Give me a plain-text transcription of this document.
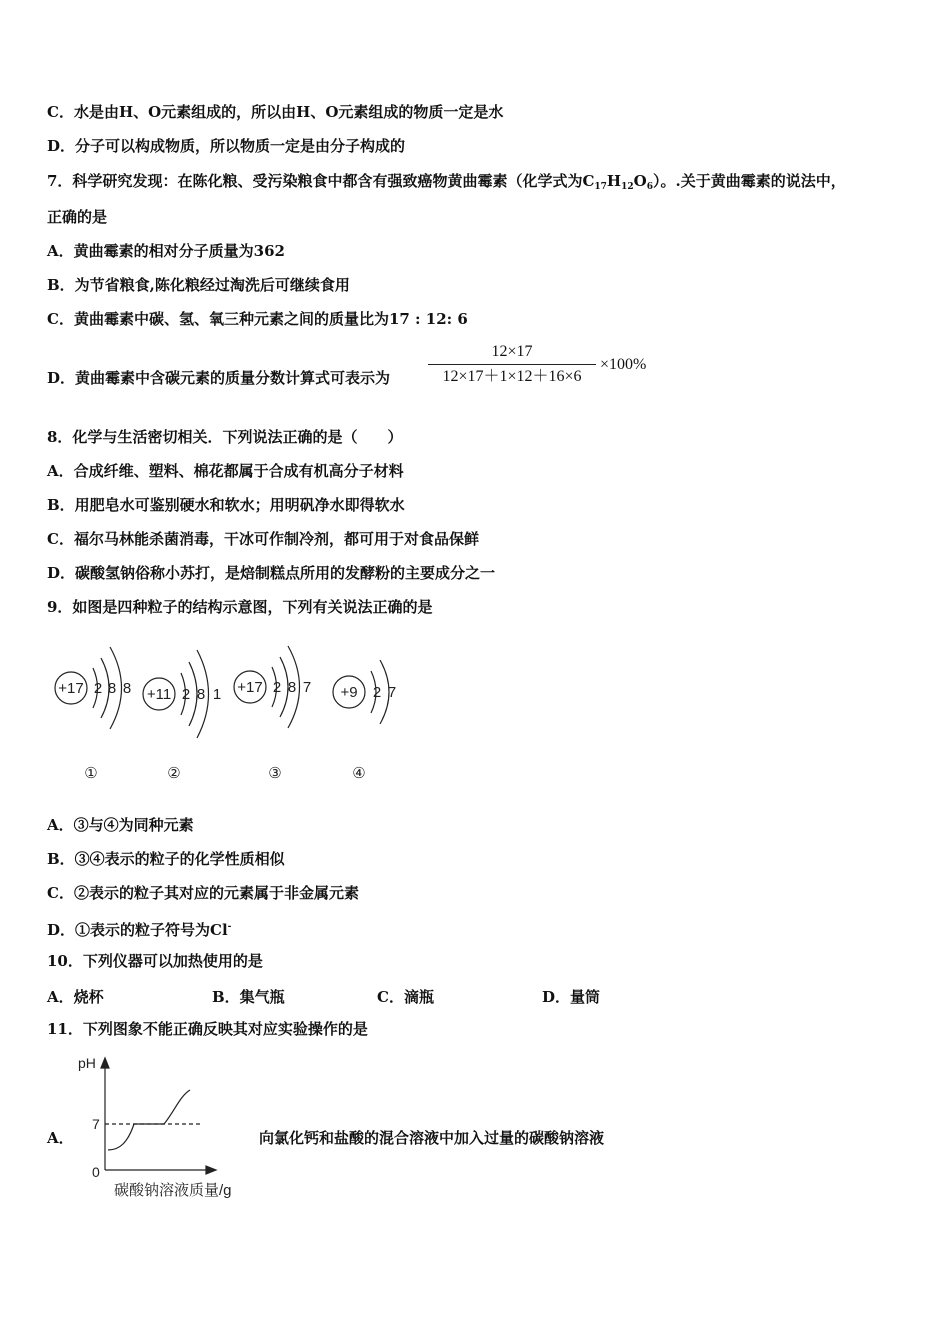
C．水是由H、O元素组成的，所以由H、O元素组成的物质一定是水
D．分子可以构成物质，所以物质一定是由分子构成的
7．科学研究发现：在陈化粮、受污染粮食中都含有强致癌物黄曲霉素（化学式为$C_{17}H_{12}O_6$）。.关于黄曲霉素的说法中，
正确的是
A．黄曲霉素的相对分子质量为362
B．为节省粮食,陈化粮经过淘洗后可继续食用
C．黄曲霉素中碳、氢、氧三种元素之间的质量比为17 : 12: 6
D．黄曲霉素中含碳元素的质量分数计算式可表示为
12×17
12×17＋1×12＋16×6
×100%
8．化学与生活密切相关．下列说法正确的是（　　）
A．合成纤维、塑料、棉花都属于合成有机高分子材料
B．用肥皂水可鉴别硬水和软水；用明矾净水即得软水
C．福尔马林能杀菌消毒，干冰可作制冷剂，都可用于对食品保鲜
D．碳酸氢钠俗称小苏打，是焙制糕点所用的发酵粉的主要成分之一
9．如图是四种粒子的结构示意图，下列有关说法正确的是
+17 2 8 8 +11 2 8 1 +17 2 8 7 +9 2 7
①	②	③	④
A．③与④为同种元素
B．③④表示的粒子的化学性质相似
C．②表示的粒子其对应的元素属于非金属元素
D．①表示的粒子符号为Cl-
10．下列仪器可以加热使用的是
A．烧杯	B．集气瓶	C．滴瓶	D．量筒
11．下列图象不能正确反映其对应实验操作的是
A．
pH
7
0
碳酸钠溶液质量/g
向氯化钙和盐酸的混合溶液中加入过量的碳酸钠溶液
